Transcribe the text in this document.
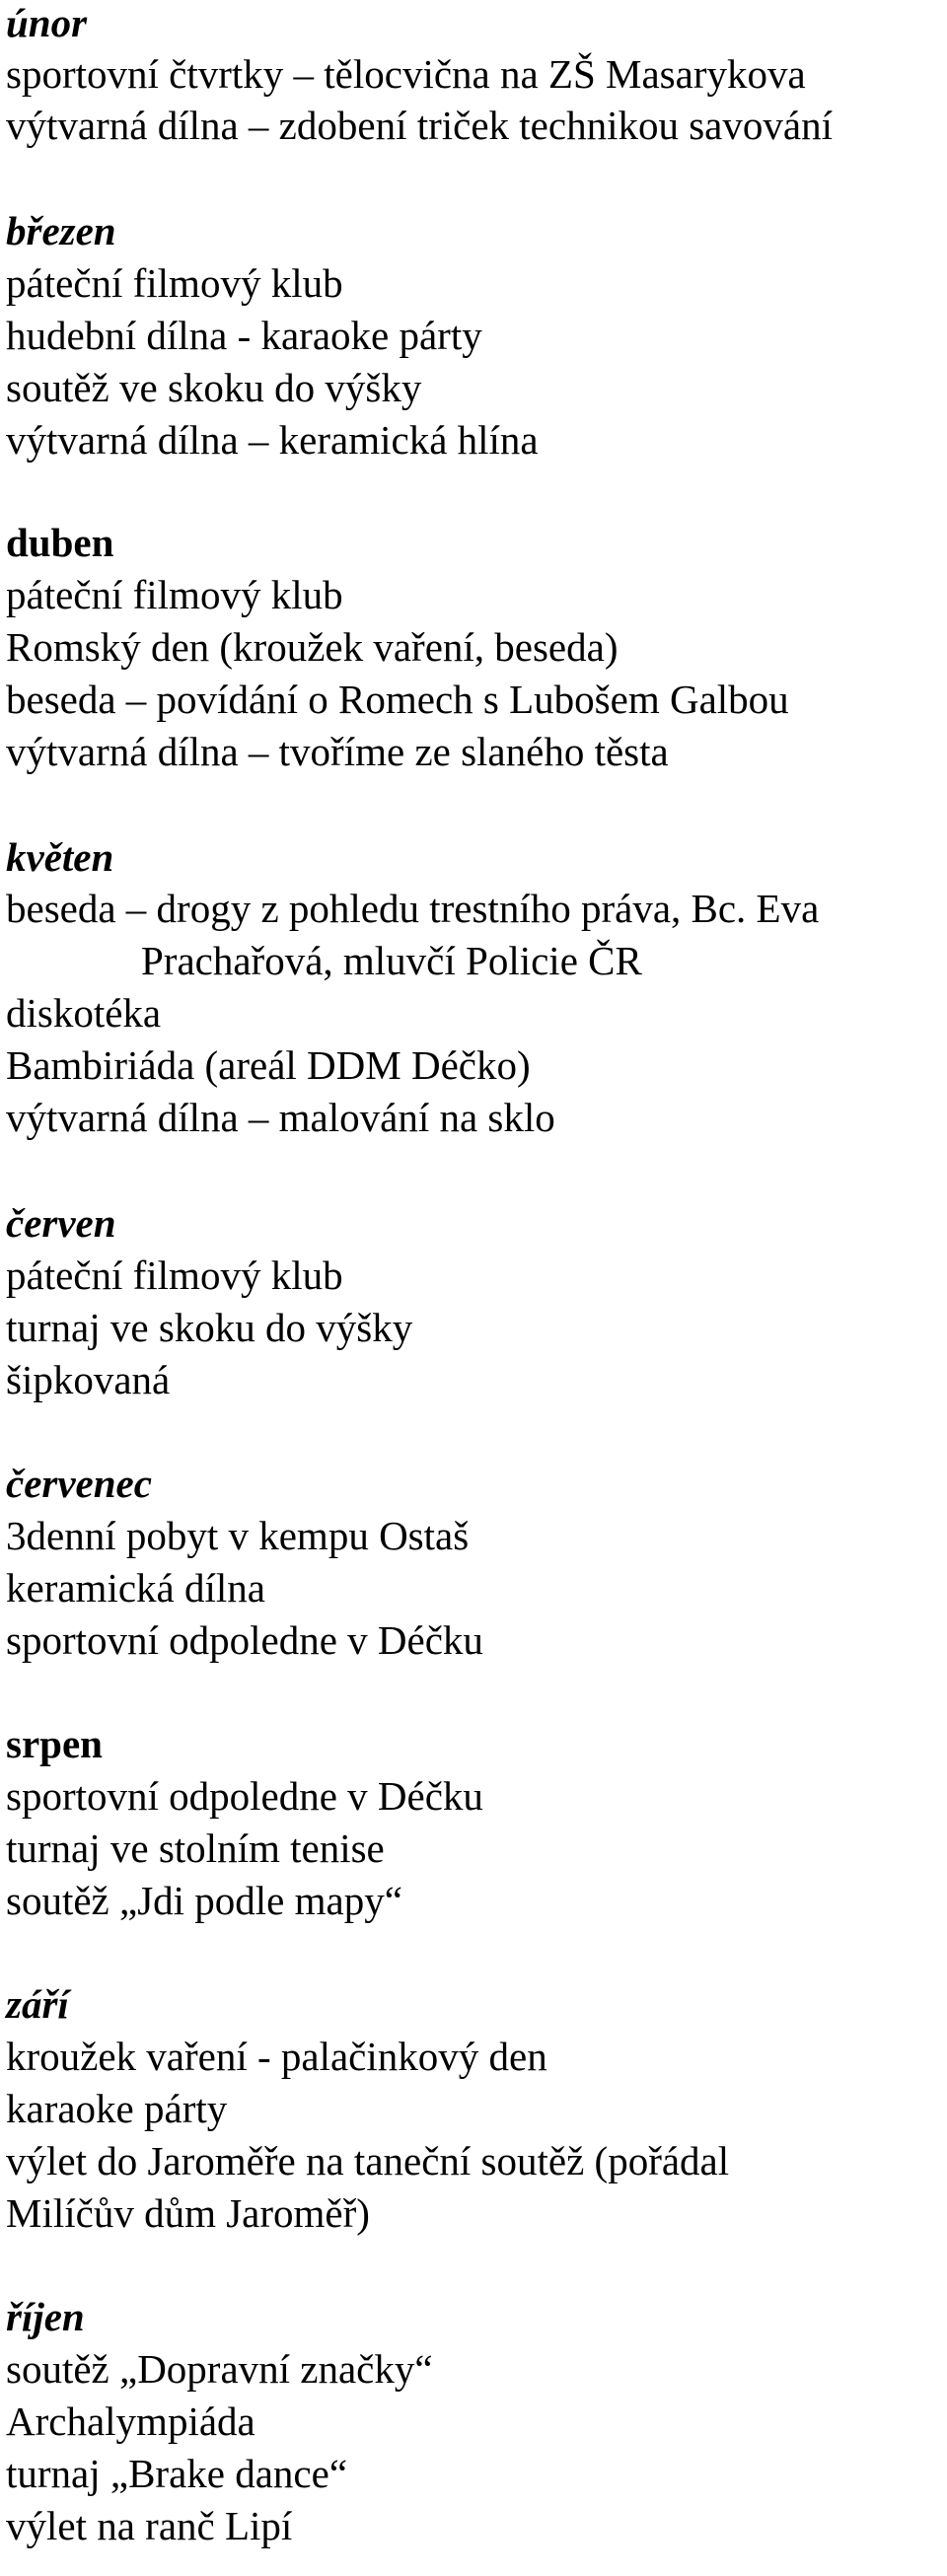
únor
sportovní čtvrtky – tělocvična na ZŠ Masarykova
výtvarná dílna – zdobení triček technikou savování
březen
páteční filmový klub
hudební dílna - karaoke párty
soutěž ve skoku do výšky
výtvarná dílna – keramická hlína
duben
páteční filmový klub
Romský den (kroužek vaření, beseda)
beseda – povídání o Romech s Lubošem Galbou
výtvarná dílna – tvoříme ze slaného těsta
květen
beseda – drogy z pohledu trestního práva, Bc. Eva
Prachařová, mluvčí Policie ČR
diskotéka
Bambiriáda (areál DDM Déčko)
výtvarná dílna – malování na sklo
červen
páteční filmový klub
turnaj ve skoku do výšky
šipkovaná
červenec
3denní pobyt v kempu Ostaš
keramická dílna
sportovní odpoledne v Déčku
srpen
sportovní odpoledne v Déčku
turnaj ve stolním tenise
soutěž „Jdi podle mapy“
září
kroužek vaření - palačinkový den
karaoke párty
výlet do Jaroměře na taneční soutěž (pořádal
Milíčův dům Jaroměř)
říjen
soutěž „Dopravní značky“
Archalympiáda
turnaj „Brake dance“
výlet na ranč Lipí
